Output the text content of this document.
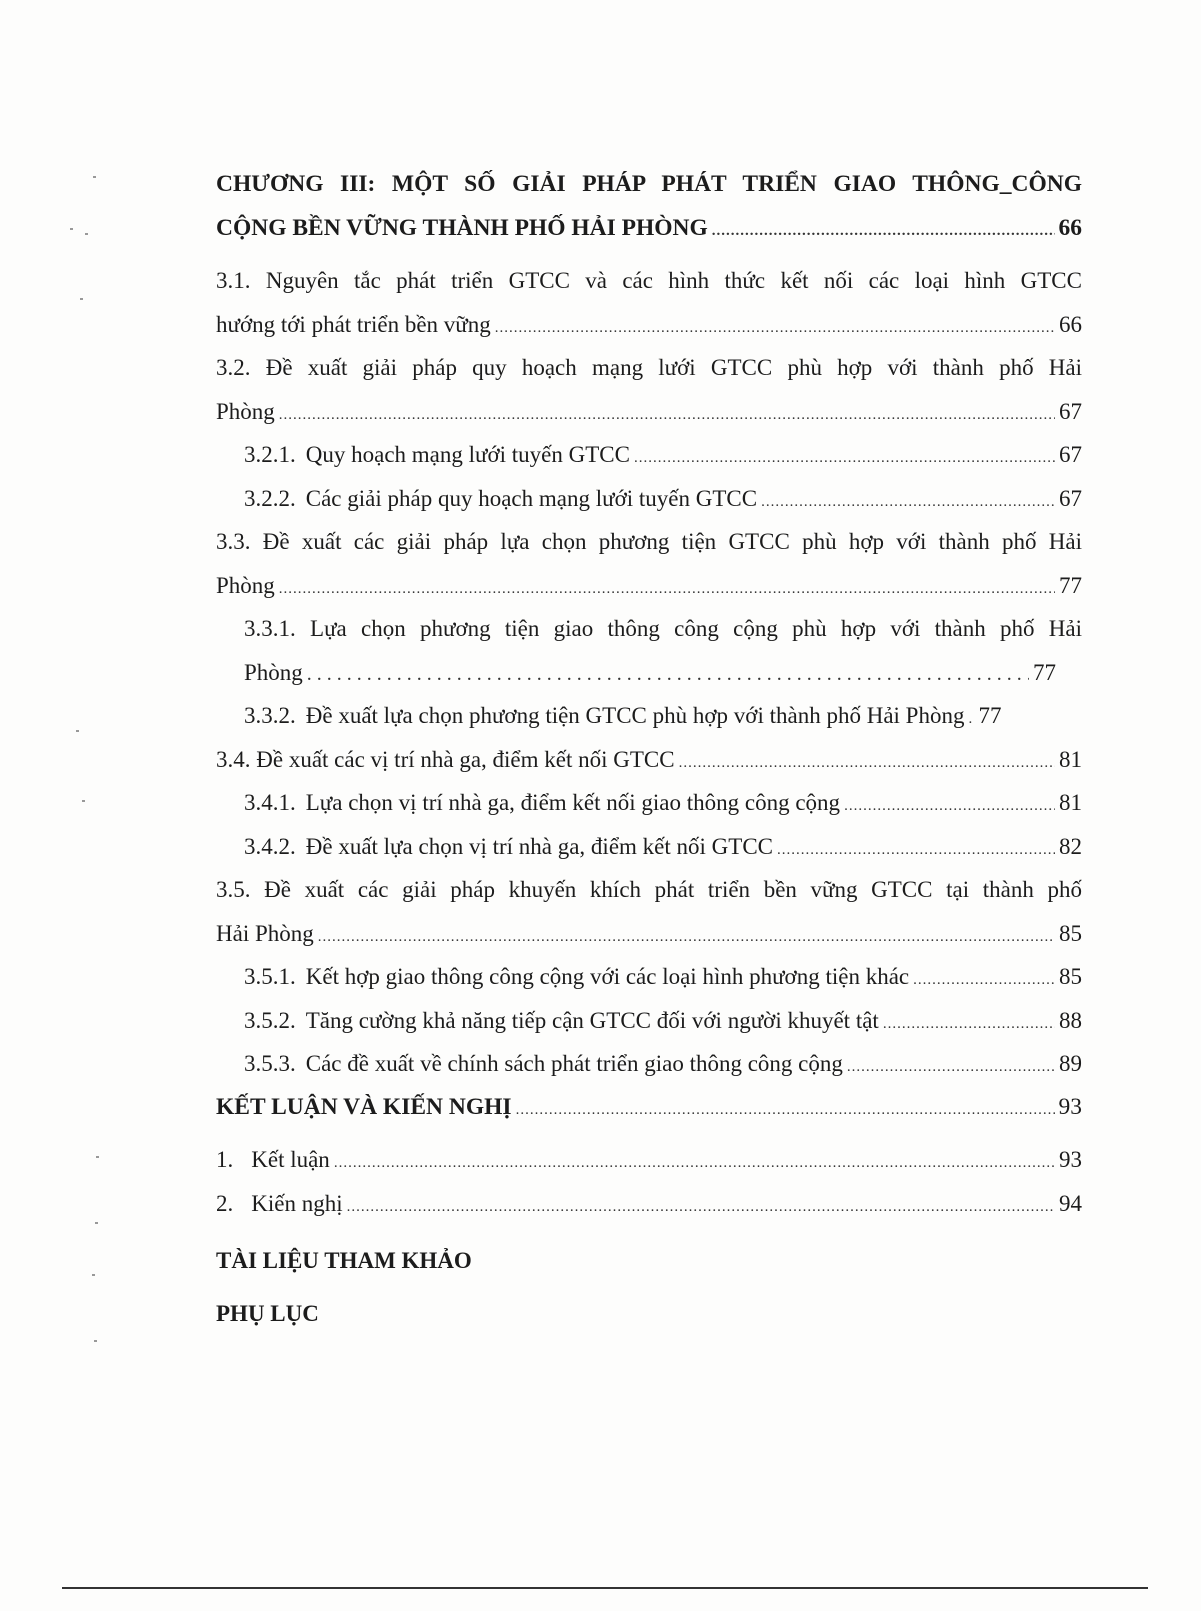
CHƯƠNG III: MỘT SỐ GIẢI PHÁP PHÁT TRIỂN GIAO THÔNG_CÔNG
CỘNG BỀN VỮNG THÀNH PHỐ HẢI PHÒNG .....	66
3.1. Nguyên tắc phát triển GTCC và các hình thức kết nối các loại hình GTCC
hướng tới phát triển bền vững .....	66
3.2. Đề xuất giải pháp quy hoạch mạng lưới GTCC phù hợp với thành phố Hải
Phòng .....	67
3.2.1. Quy hoạch mạng lưới tuyến GTCC .....	67
3.2.2. Các giải pháp quy hoạch mạng lưới tuyến GTCC .....	67
3.3. Đề xuất các giải pháp lựa chọn phương tiện GTCC phù hợp với thành phố Hải
Phòng .....	77
3.3.1. Lựa chọn phương tiện giao thông công cộng phù hợp với thành phố Hải
Phòng . . .	77
3.3.2. Đề xuất lựa chọn phương tiện GTCC phù hợp với thành phố Hải Phòng ..... 77
3.4. Đề xuất các vị trí nhà ga, điểm kết nối GTCC .....	81
3.4.1. Lựa chọn vị trí nhà ga, điểm kết nối giao thông công cộng .....	81
3.4.2. Đề xuất lựa chọn vị trí nhà ga, điểm kết nối GTCC .....	82
3.5. Đề xuất các giải pháp khuyến khích phát triển bền vững GTCC tại thành phố
Hải Phòng .....	85
3.5.1. Kết hợp giao thông công cộng với các loại hình phương tiện khác .....	85
3.5.2. Tăng cường khả năng tiếp cận GTCC đối với người khuyết tật .....	88
3.5.3. Các đề xuất về chính sách phát triển giao thông công cộng .....	89
KẾT LUẬN VÀ KIẾN NGHỊ .....	93
1. Kết luận .....	93
2. Kiến nghị .....	94
TÀI LIỆU THAM KHẢO
PHỤ LỤC
